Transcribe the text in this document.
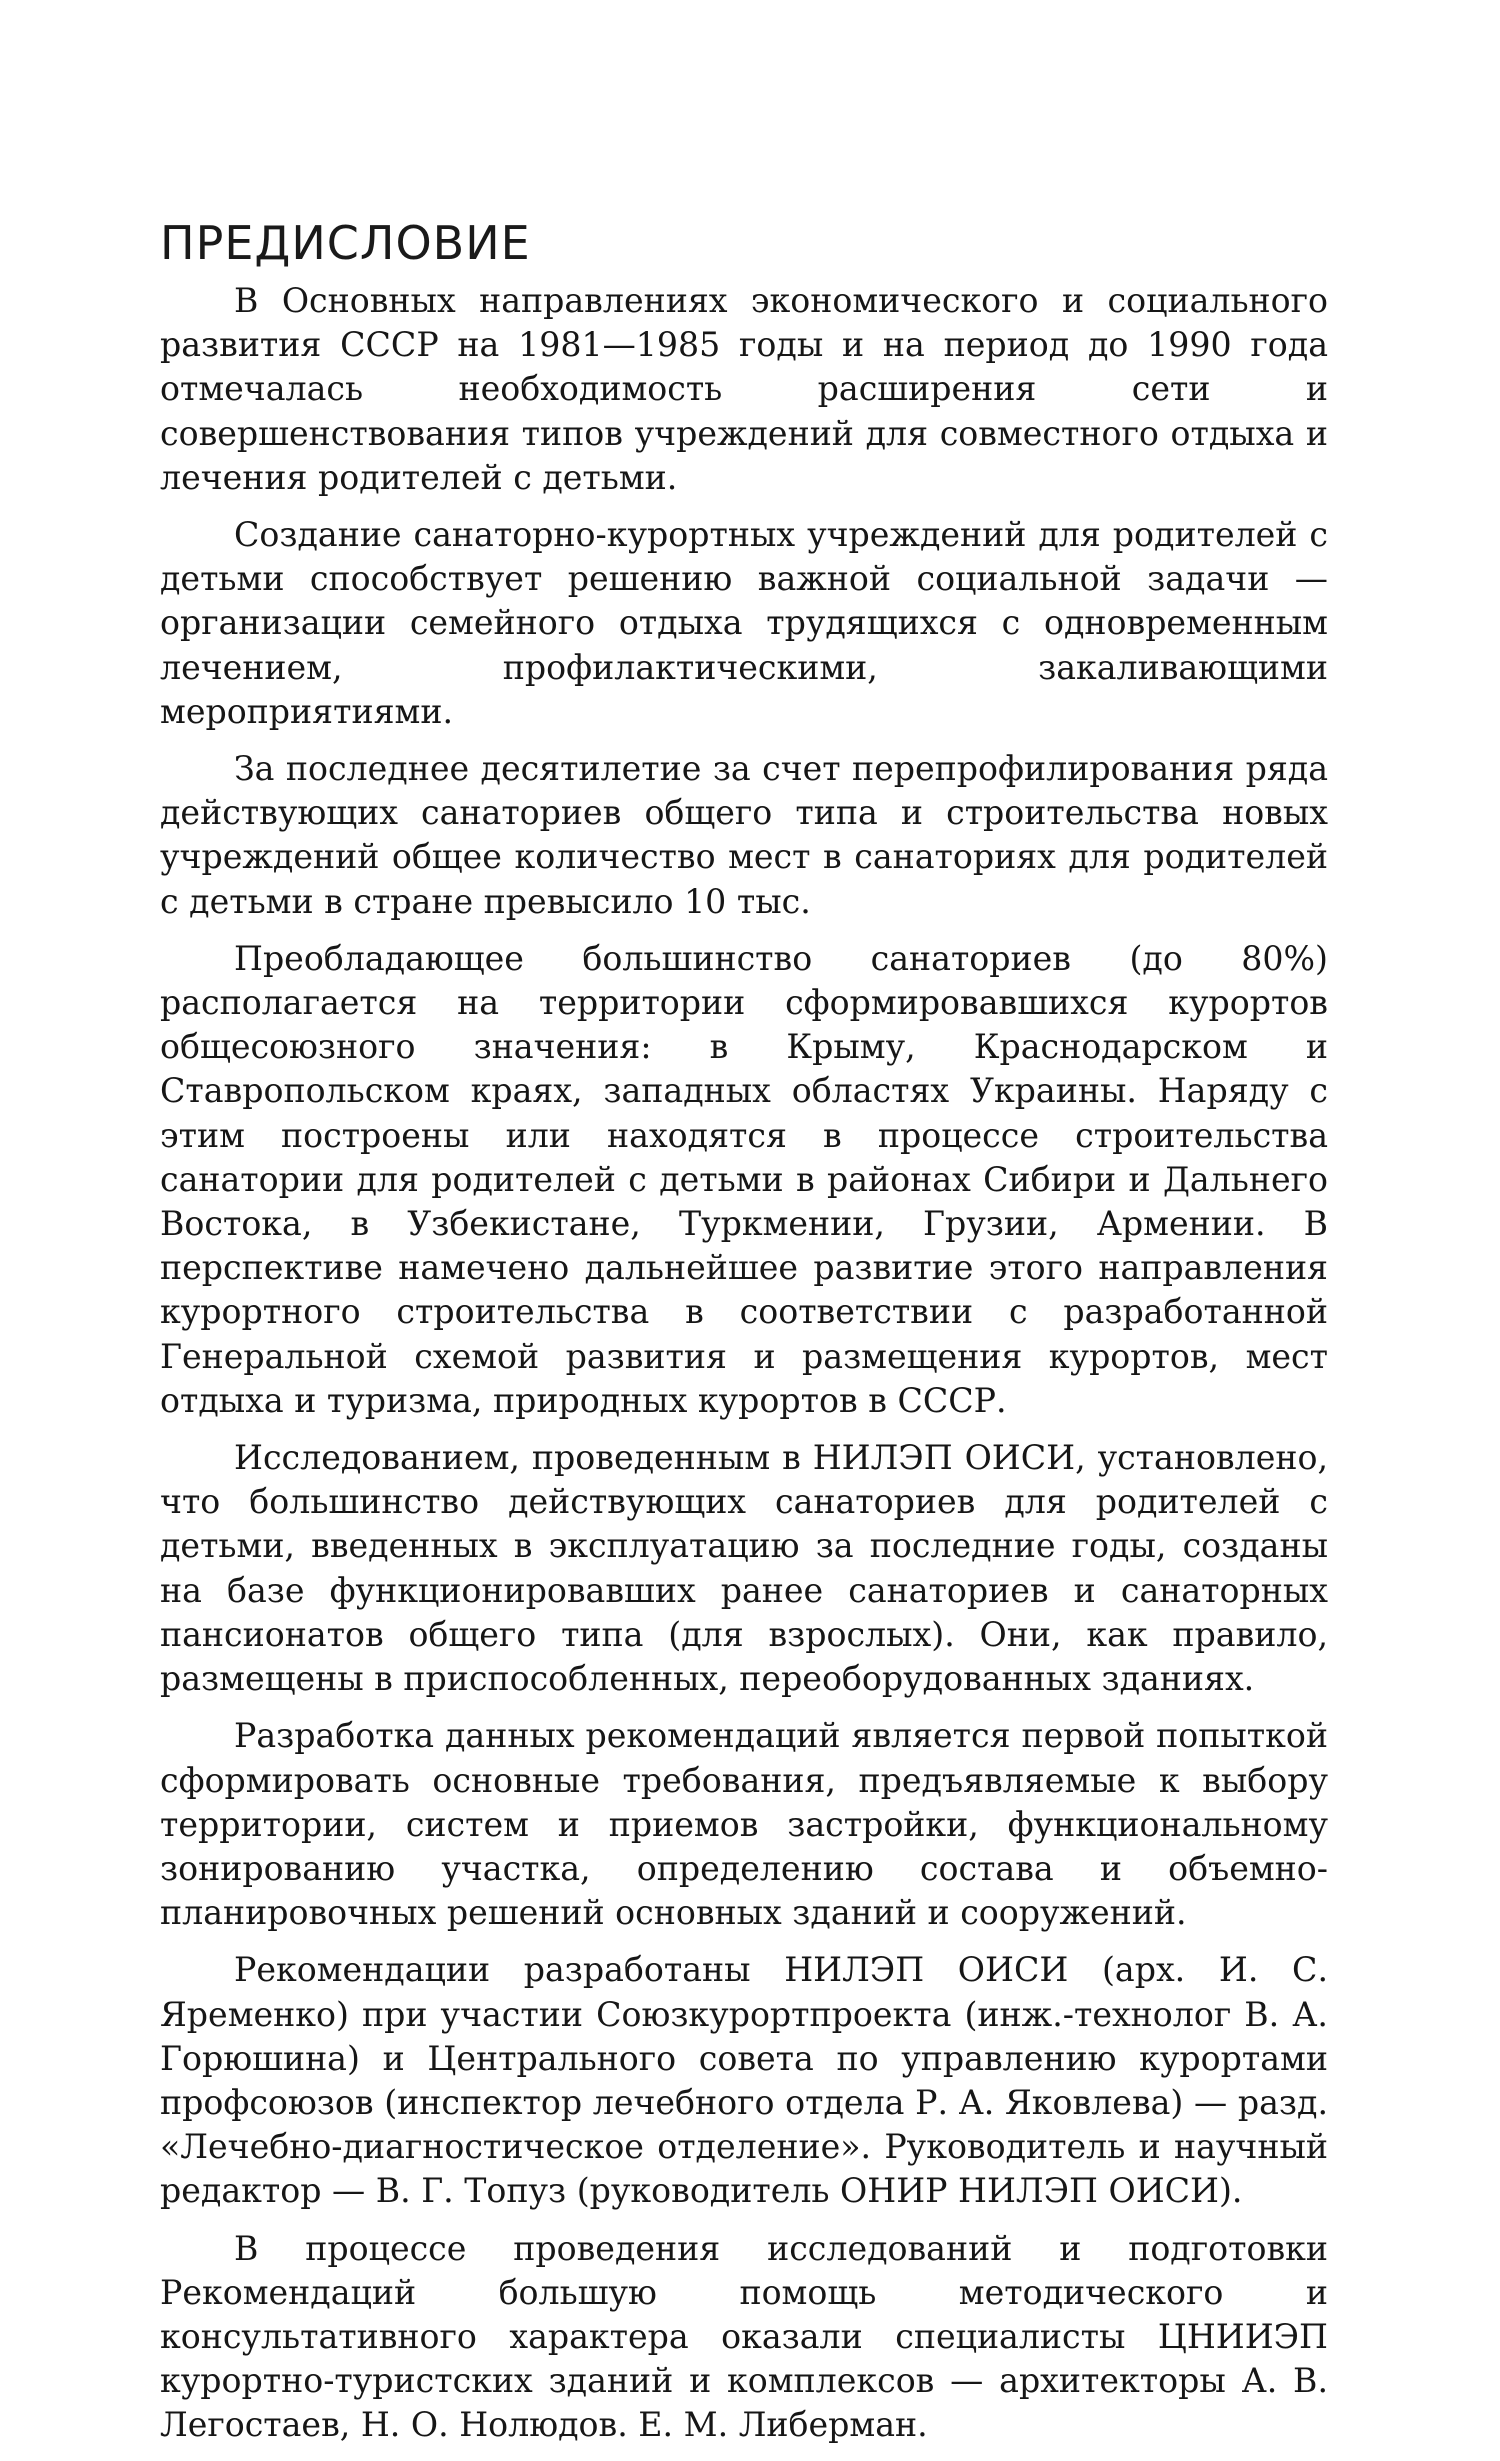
ПРЕДИСЛОВИЕ

В Основных направлениях экономического и социального развития СССР на 1981—1985 годы и на период до 1990 года отмечалась необходимость расширения сети и совершенствования типов учреждений для совместного отдыха и лечения родителей с детьми.

Создание санаторно-курортных учреждений для родителей с детьми способствует решению важной социальной задачи — организации семейного отдыха трудящихся с одновременным лечением, профилактическими, закаливающими мероприятиями.

За последнее десятилетие за счет перепрофилирования ряда действующих санаториев общего типа и строительства новых учреждений общее количество мест в санаториях для родителей с детьми в стране превысило 10 тыс.

Преобладающее большинство санаториев (до 80%) располагается на территории сформировавшихся курортов общесоюзного значения: в Крыму, Краснодарском и Ставропольском краях, западных областях Украины. Наряду с этим построены или находятся в процессе строительства санатории для родителей с детьми в районах Сибири и Дальнего Востока, в Узбекистане, Туркмении, Грузии, Армении. В перспективе намечено дальнейшее развитие этого направления курортного строительства в соответствии с разработанной Генеральной схемой развития и размещения курортов, мест отдыха и туризма, природных курортов в СССР.

Исследованием, проведенным в НИЛЭП ОИСИ, установлено, что большинство действующих санаториев для родителей с детьми, введенных в эксплуатацию за последние годы, созданы на базе функционировавших ранее санаториев и санаторных пансионатов общего типа (для взрослых). Они, как правило, размещены в приспособленных, переоборудованных зданиях.

Разработка данных рекомендаций является первой попыткой сформировать основные требования, предъявляемые к выбору территории, систем и приемов застройки, функциональному зонированию участка, определению состава и объемно-планировочных решений основных зданий и сооружений.

Рекомендации разработаны НИЛЭП ОИСИ (арх. И. С. Яременко) при участии Союзкурортпроекта (инж.-технолог В. А. Горюшина) и Центрального совета по управлению курортами профсоюзов (инспектор лечебного отдела Р. А. Яковлева) — разд. «Лечебно-диагностическое отделение». Руководитель и научный редактор — В. Г. Топуз (руководитель ОНИР НИЛЭП ОИСИ).

В процессе проведения исследований и подготовки Рекомендаций большую помощь методического и консультативного характера оказали специалисты ЦНИИЭП курортно-туристских зданий и комплексов — архитекторы А. В. Легостаев, Н. О. Нолюдов. Е. М. Либерман.
